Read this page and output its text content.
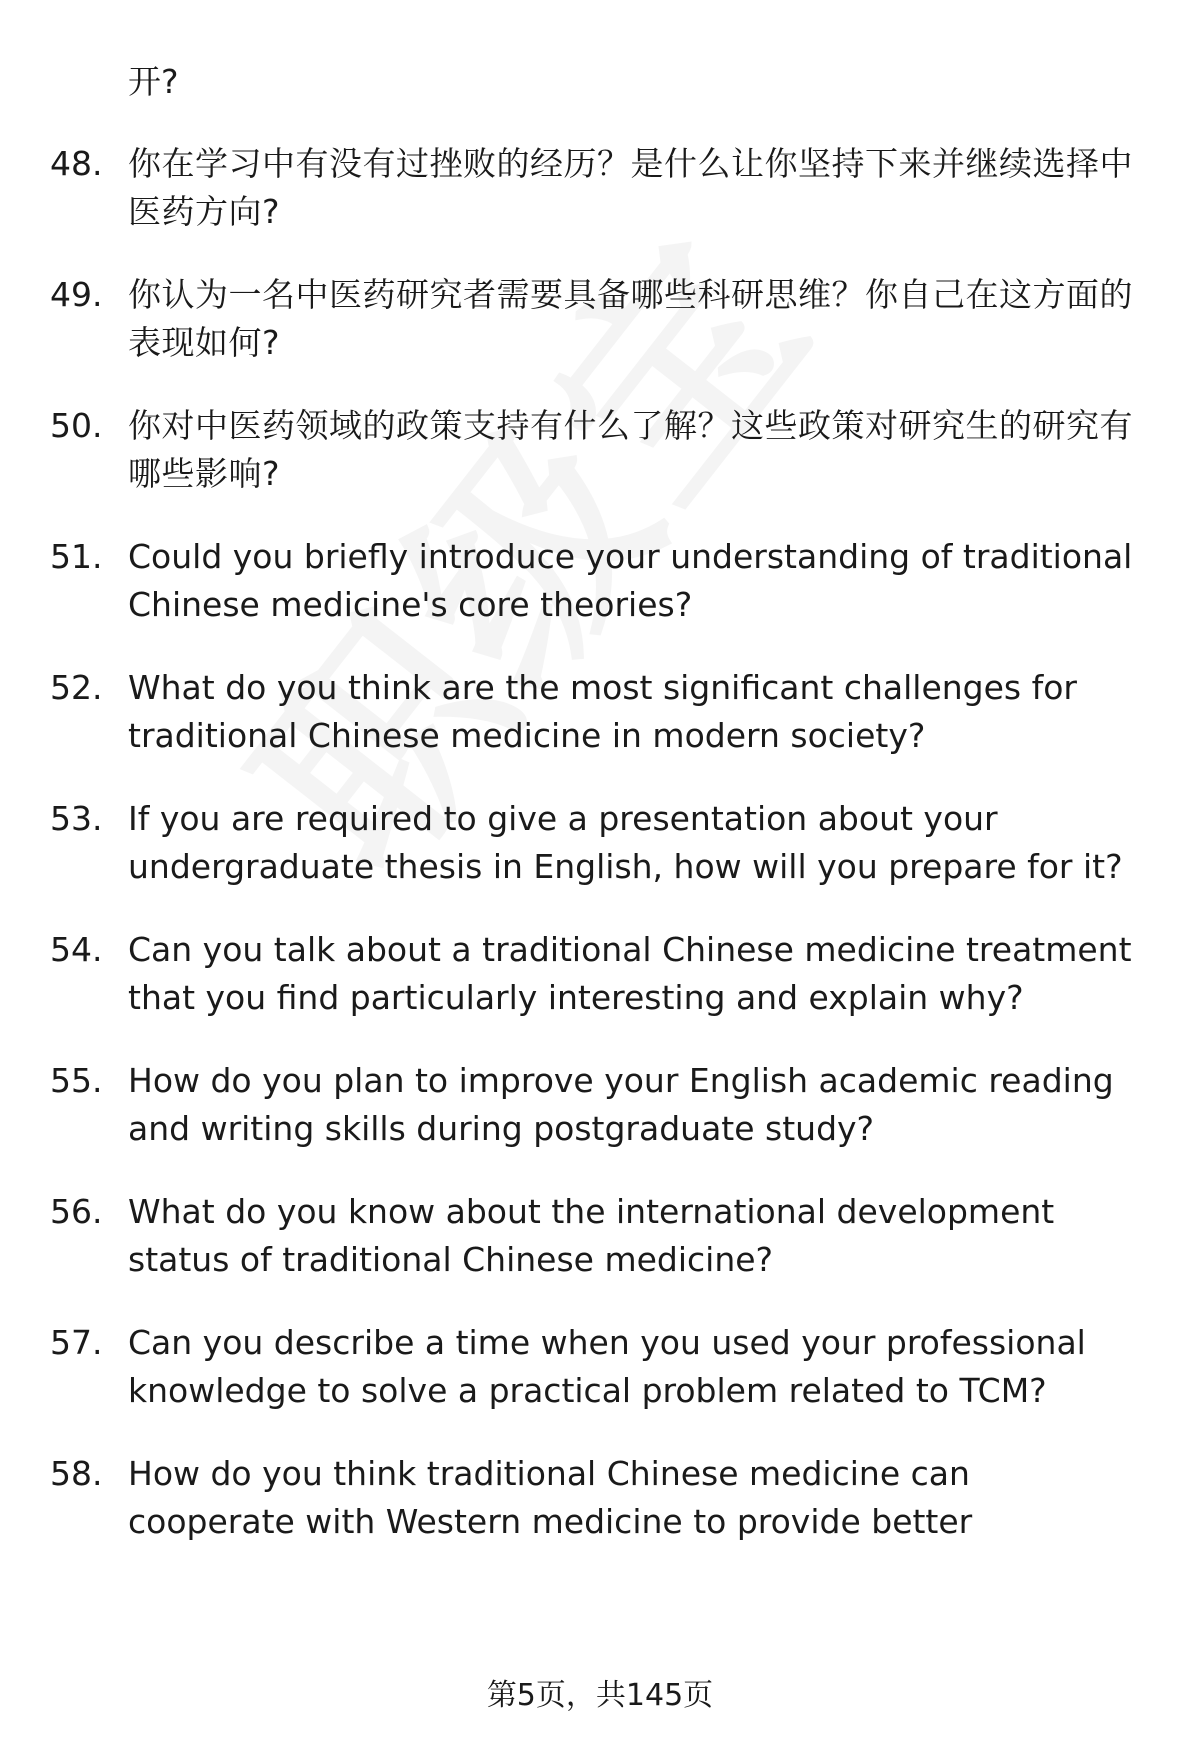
开?
48. 你在学习中有没有过挫败的经历？是什么让你坚持下来并继续选择中医药方向?
49. 你认为一名中医药研究者需要具备哪些科研思维？你自己在这方面的表现如何?
50. 你对中医药领域的政策支持有什么了解？这些政策对研究生的研究有哪些影响?
51. Could you briefly introduce your understanding of traditional Chinese medicine's core theories?
52. What do you think are the most significant challenges for traditional Chinese medicine in modern society?
53. If you are required to give a presentation about your undergraduate thesis in English, how will you prepare for it?
54. Can you talk about a traditional Chinese medicine treatment that you find particularly interesting and explain why?
55. How do you plan to improve your English academic reading and writing skills during postgraduate study?
56. What do you know about the international development status of traditional Chinese medicine?
57. Can you describe a time when you used your professional knowledge to solve a practical problem related to TCM?
58. How do you think traditional Chinese medicine can cooperate with Western medicine to provide better
第5页，共145页
